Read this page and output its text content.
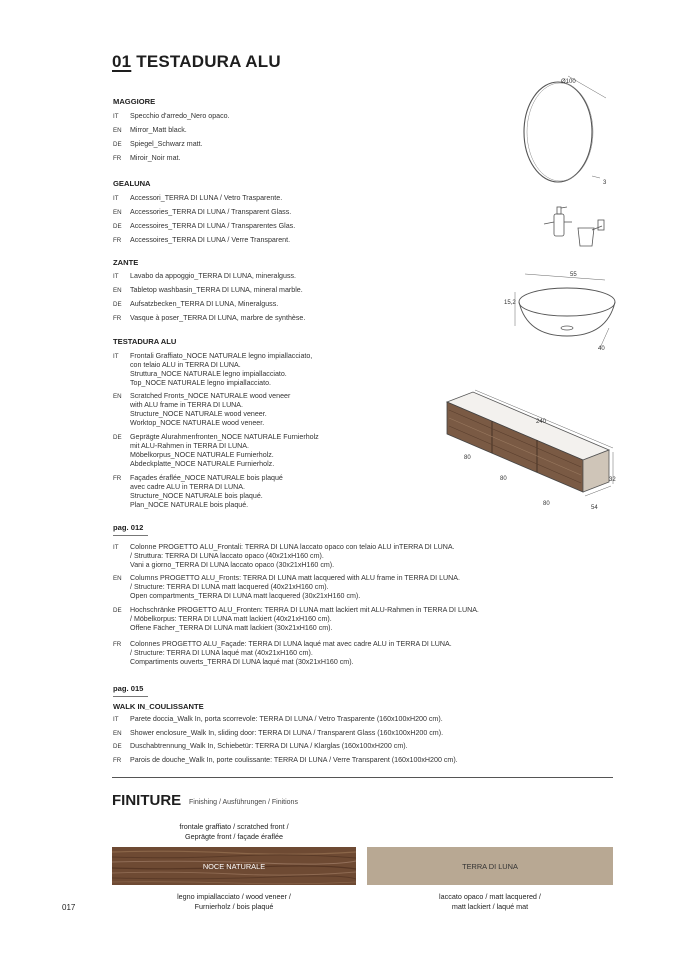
01 TESTADURA ALU
MAGGIORE
IT Specchio d'arredo_Nero opaco.
EN Mirror_Matt black.
DE Spiegel_Schwarz matt.
FR Miroir_Noir mat.
GEALUNA
IT Accessori_TERRA DI LUNA / Vetro Trasparente.
EN Accessories_TERRA DI LUNA / Transparent Glass.
DE Accessoires_TERRA DI LUNA / Transparentes Glas.
FR Accessoires_TERRA DI LUNA / Verre Transparent.
ZANTE
IT Lavabo da appoggio_TERRA DI LUNA, mineralguss.
EN Tabletop washbasin_TERRA DI LUNA, mineral marble.
DE Aufsatzbecken_TERRA DI LUNA, Mineralguss.
FR Vasque à poser_TERRA DI LUNA, marbre de synthèse.
TESTADURA ALU
IT Frontali Graffiato_NOCE NATURALE legno impiallacciato,
con telaio ALU in TERRA DI LUNA.
Struttura_NOCE NATURALE legno impiallacciato.
Top_NOCE NATURALE legno impiallacciato.
EN Scratched Fronts_NOCE NATURALE wood veneer
with ALU frame in TERRA DI LUNA.
Structure_NOCE NATURALE wood veneer.
Worktop_NOCE NATURALE wood veneer.
DE Geprägte Alurahmenfronten_NOCE NATURALE Furnierholz
mit ALU-Rahmen in TERRA DI LUNA.
Möbelkorpus_NOCE NATURALE Furnierholz.
Abdeckplatte_NOCE NATURALE Furnierholz.
FR Façades éraflée_NOCE NATURALE bois plaqué
avec cadre ALU in TERRA DI LUNA.
Structure_NOCE NATURALE bois plaqué.
Plan_NOCE NATURALE bois plaqué.
pag. 012
IT Colonne PROGETTO ALU_Frontali: TERRA DI LUNA laccato opaco con telaio ALU inTERRA DI LUNA.
/ Struttura: TERRA DI LUNA laccato opaco (40x21xH160 cm).
Vani a giorno_TERRA DI LUNA laccato opaco (30x21xH160 cm).
EN Columns PROGETTO ALU_Fronts: TERRA DI LUNA matt lacquered with ALU frame in TERRA DI LUNA.
/ Structure: TERRA DI LUNA matt lacquered (40x21xH160 cm).
Open compartments_TERRA DI LUNA matt lacquered (30x21xH160 cm).
DE Hochschränke PROGETTO ALU_Fronten: TERRA DI LUNA matt lackiert mit ALU-Rahmen in TERRA DI LUNA.
/ Möbelkorpus: TERRA DI LUNA matt lackiert (40x21xH160 cm).
Offene Fächer_TERRA DI LUNA matt lackiert (30x21xH160 cm).
FR Colonnes PROGETTO ALU_Façade: TERRA DI LUNA laqué mat avec cadre ALU in TERRA DI LUNA.
/ Structure: TERRA DI LUNA laqué mat (40x21xH160 cm).
Compartiments ouverts_TERRA DI LUNA laqué mat (30x21xH160 cm).
pag. 015
WALK IN_COULISSANTE
IT Parete doccia_Walk In, porta scorrevole: TERRA DI LUNA / Vetro Trasparente (160x100xH200 cm).
EN Shower enclosure_Walk In, sliding door: TERRA DI LUNA / Transparent Glass (160x100xH200 cm).
DE Duschabtrennung_Walk In, Schiebetür: TERRA DI LUNA / Klarglas (160x100xH200 cm).
FR Parois de douche_Walk In, porte coulissante: TERRA DI LUNA / Verre Transparent (160x100xH200 cm).
FINITURE Finishing / Ausführungen / Finitions
frontale graffiato / scratched front /
Geprägte front / façade éraflée
NOCE NATURALE	TERRA DI LUNA
legno impiallacciato / wood veneer /
Furnierholz / bois plaqué
laccato opaco / matt lacquered /
matt lackiert / laqué mat
017
Ø100
3
55
15,2
40
240
80
80
80
32
54
